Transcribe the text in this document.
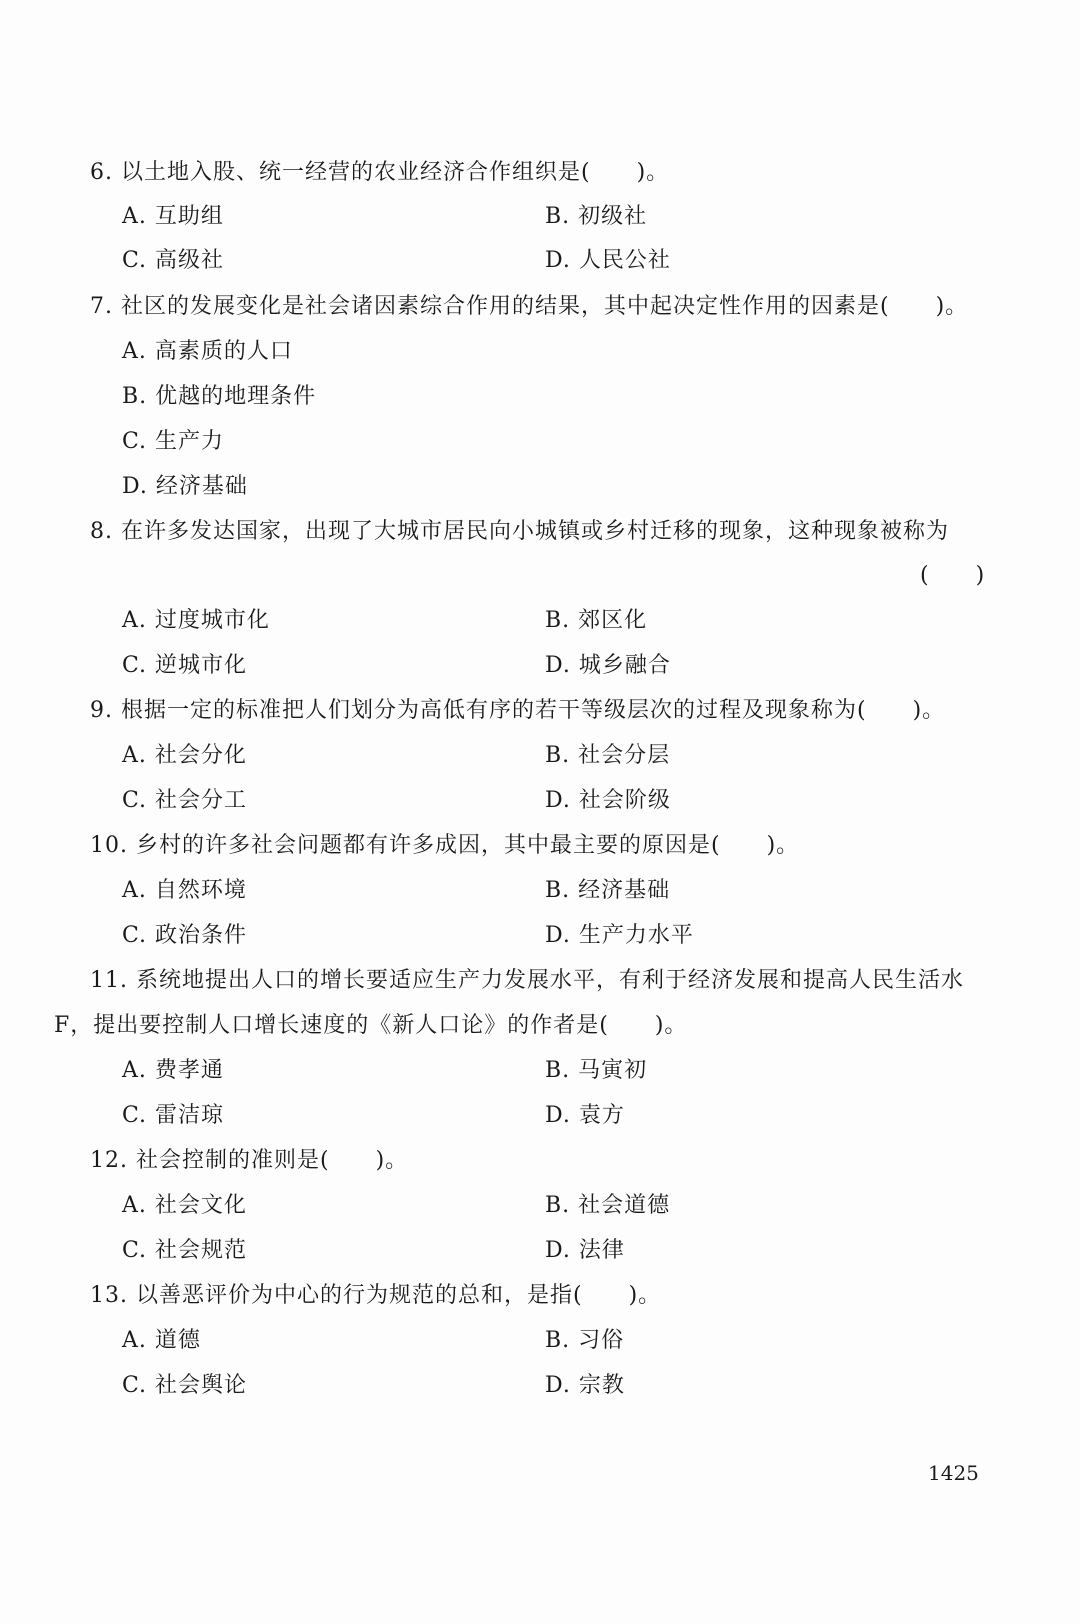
6. 以土地入股、统一经营的农业经济合作组织是(　　)。
A. 互助组	B. 初级社
C. 高级社	D. 人民公社
7. 社区的发展变化是社会诸因素综合作用的结果，其中起决定性作用的因素是(　　)。
A. 高素质的人口
B. 优越的地理条件
C. 生产力
D. 经济基础
8. 在许多发达国家，出现了大城市居民向小城镇或乡村迁移的现象，这种现象被称为
(　　)
A. 过度城市化	B. 郊区化
C. 逆城市化	D. 城乡融合
9. 根据一定的标准把人们划分为高低有序的若干等级层次的过程及现象称为(　　)。
A. 社会分化	B. 社会分层
C. 社会分工	D. 社会阶级
10. 乡村的许多社会问题都有许多成因，其中最主要的原因是(　　)。
A. 自然环境	B. 经济基础
C. 政治条件	D. 生产力水平
11. 系统地提出人口的增长要适应生产力发展水平，有利于经济发展和提高人民生活水
F，提出要控制人口增长速度的《新人口论》的作者是(　　)。
A. 费孝通	B. 马寅初
C. 雷洁琼	D. 袁方
12. 社会控制的准则是(　　)。
A. 社会文化	B. 社会道德
C. 社会规范	D. 法律
13. 以善恶评价为中心的行为规范的总和，是指(　　)。
A. 道德	B. 习俗
C. 社会舆论	D. 宗教
1425
